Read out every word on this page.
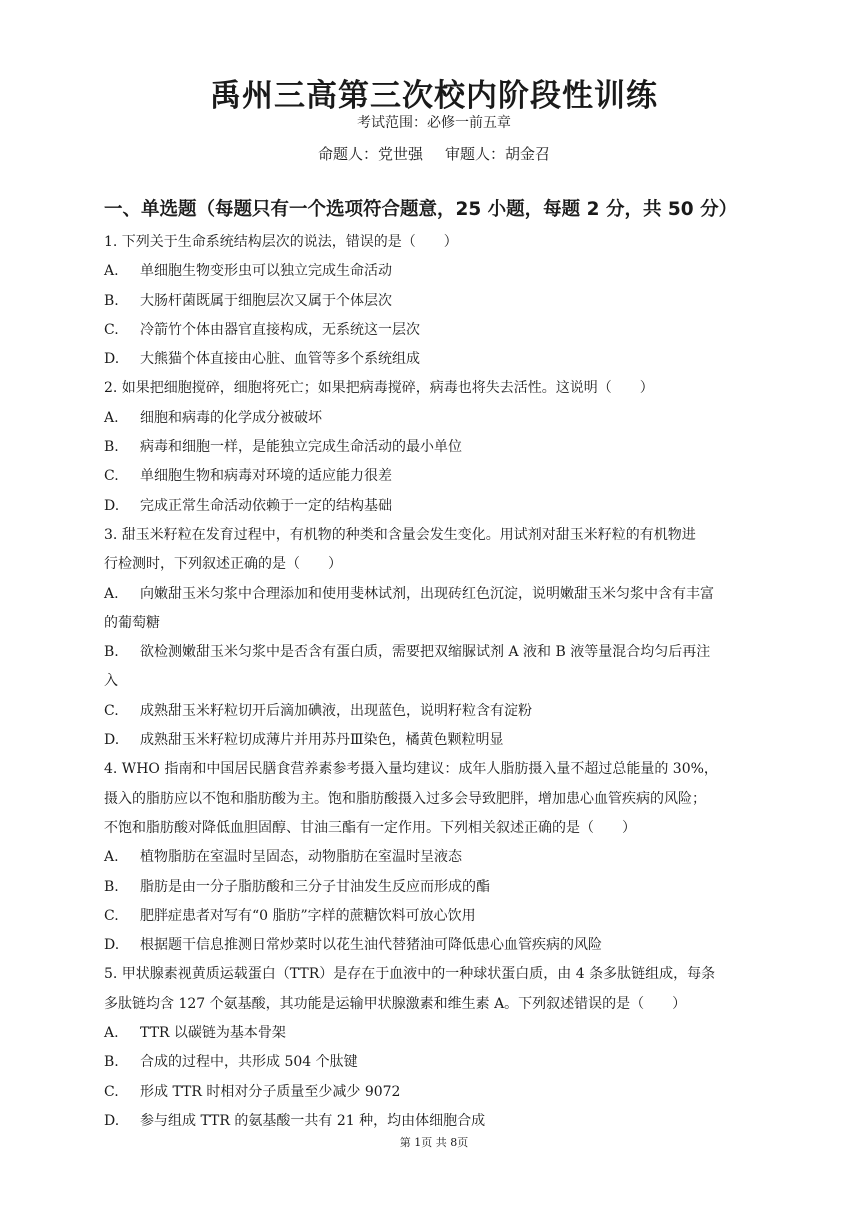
禹州三高第三次校内阶段性训练
考试范围：必修一前五章
命题人：党世强 审题人：胡金召
一、单选题（每题只有一个选项符合题意，25 小题，每题 2 分，共 50 分）
1. 下列关于生命系统结构层次的说法，错误的是（　　）
A.	单细胞生物变形虫可以独立完成生命活动
B.	大肠杆菌既属于细胞层次又属于个体层次
C.	冷箭竹个体由器官直接构成，无系统这一层次
D.	大熊猫个体直接由心脏、血管等多个系统组成
2. 如果把细胞搅碎，细胞将死亡；如果把病毒搅碎，病毒也将失去活性。这说明（　　）
A.	细胞和病毒的化学成分被破坏
B.	病毒和细胞一样，是能独立完成生命活动的最小单位
C.	单细胞生物和病毒对环境的适应能力很差
D.	完成正常生命活动依赖于一定的结构基础
3. 甜玉米籽粒在发育过程中，有机物的种类和含量会发生变化。用试剂对甜玉米籽粒的有机物进
行检测时，下列叙述正确的是（　　）
A.	向嫩甜玉米匀浆中合理添加和使用斐林试剂，出现砖红色沉淀，说明嫩甜玉米匀浆中含有丰富
的葡萄糖
B.	欲检测嫩甜玉米匀浆中是否含有蛋白质，需要把双缩脲试剂 A 液和 B 液等量混合均匀后再注
入
C.	成熟甜玉米籽粒切开后滴加碘液，出现蓝色，说明籽粒含有淀粉
D.	成熟甜玉米籽粒切成薄片并用苏丹Ⅲ染色，橘黄色颗粒明显
4. WHO 指南和中国居民膳食营养素参考摄入量均建议：成年人脂肪摄入量不超过总能量的 30%，
摄入的脂肪应以不饱和脂肪酸为主。饱和脂肪酸摄入过多会导致肥胖，增加患心血管疾病的风险；
不饱和脂肪酸对降低血胆固醇、甘油三酯有一定作用。下列相关叙述正确的是（　　）
A.	植物脂肪在室温时呈固态，动物脂肪在室温时呈液态
B.	脂肪是由一分子脂肪酸和三分子甘油发生反应而形成的酯
C.	肥胖症患者对写有“0 脂肪”字样的蔗糖饮料可放心饮用
D.	根据题干信息推测日常炒菜时以花生油代替猪油可降低患心血管疾病的风险
5. 甲状腺素视黄质运载蛋白（TTR）是存在于血液中的一种球状蛋白质，由 4 条多肽链组成，每条
多肽链均含 127 个氨基酸，其功能是运输甲状腺激素和维生素 A。下列叙述错误的是（　　）
A.	TTR 以碳链为基本骨架
B.	合成的过程中，共形成 504 个肽键
C.	形成 TTR 时相对分子质量至少减少 9072
D.	参与组成 TTR 的氨基酸一共有 21 种，均由体细胞合成
第 1页 共 8页
